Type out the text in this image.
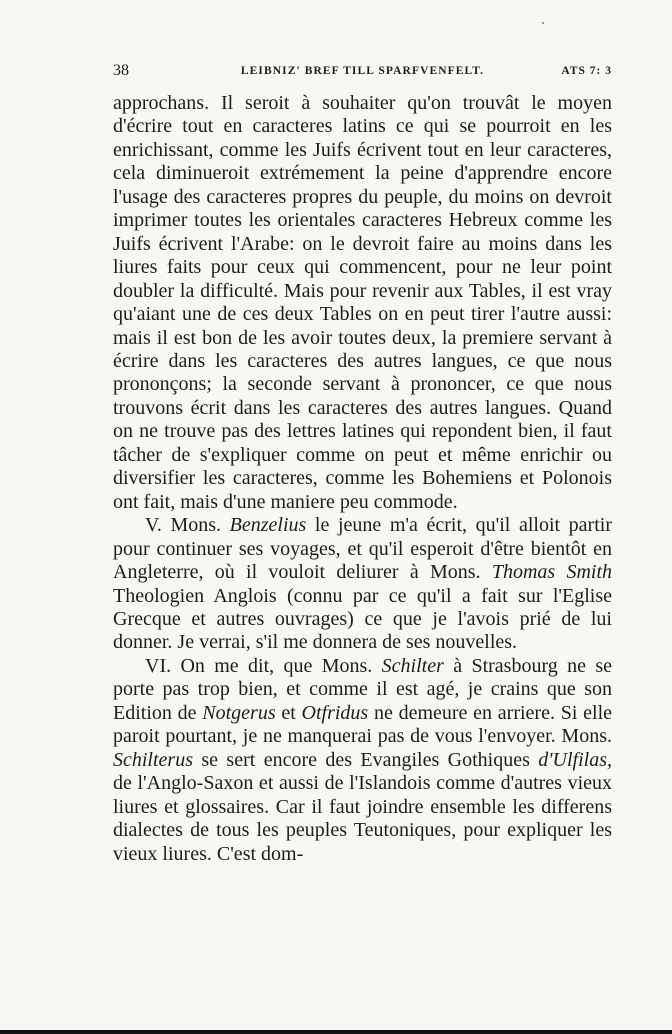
38	LEIBNIZ' BREF TILL SPARFVENFELT.	ATS 7: 3

approchans. Il seroit à souhaiter qu'on trouvât le moyen d'écrire tout en caracteres latins ce qui se pourroit en les enrichissant, comme les Juifs écrivent tout en leur caracteres, cela diminueroit extrémement la peine d'apprendre encore l'usage des caracteres propres du peuple, du moins on devroit imprimer toutes les orientales caracteres Hebreux comme les Juifs écrivent l'Arabe: on le devroit faire au moins dans les liures faits pour ceux qui commencent, pour ne leur point doubler la difficulté. Mais pour revenir aux Tables, il est vray qu'aiant une de ces deux Tables on en peut tirer l'autre aussi: mais il est bon de les avoir toutes deux, la premiere servant à écrire dans les caracteres des autres langues, ce que nous prononçons; la seconde servant à prononcer, ce que nous trouvons écrit dans les caracteres des autres langues. Quand on ne trouve pas des lettres latines qui repondent bien, il faut tâcher de s'expliquer comme on peut et même enrichir ou diversifier les caracteres, comme les Bohemiens et Polonois ont fait, mais d'une maniere peu commode.

V. Mons. Benzelius le jeune m'a écrit, qu'il alloit partir pour continuer ses voyages, et qu'il esperoit d'être bientôt en Angleterre, où il vouloit deliurer à Mons. Thomas Smith Theologien Anglois (connu par ce qu'il a fait sur l'Eglise Grecque et autres ouvrages) ce que je l'avois prié de lui donner. Je verrai, s'il me donnera de ses nouvelles.

VI. On me dit, que Mons. Schilter à Strasbourg ne se porte pas trop bien, et comme il est agé, je crains que son Edition de Notgerus et Otfridus ne demeure en arriere. Si elle paroit pourtant, je ne manquerai pas de vous l'envoyer. Mons. Schilterus se sert encore des Evangiles Gothiques d'Ulfilas, de l'Anglo-Saxon et aussi de l'Islandois comme d'autres vieux liures et glossaires. Car il faut joindre ensemble les differens dialectes de tous les peuples Teutoniques, pour expliquer les vieux liures. C'est dom-
